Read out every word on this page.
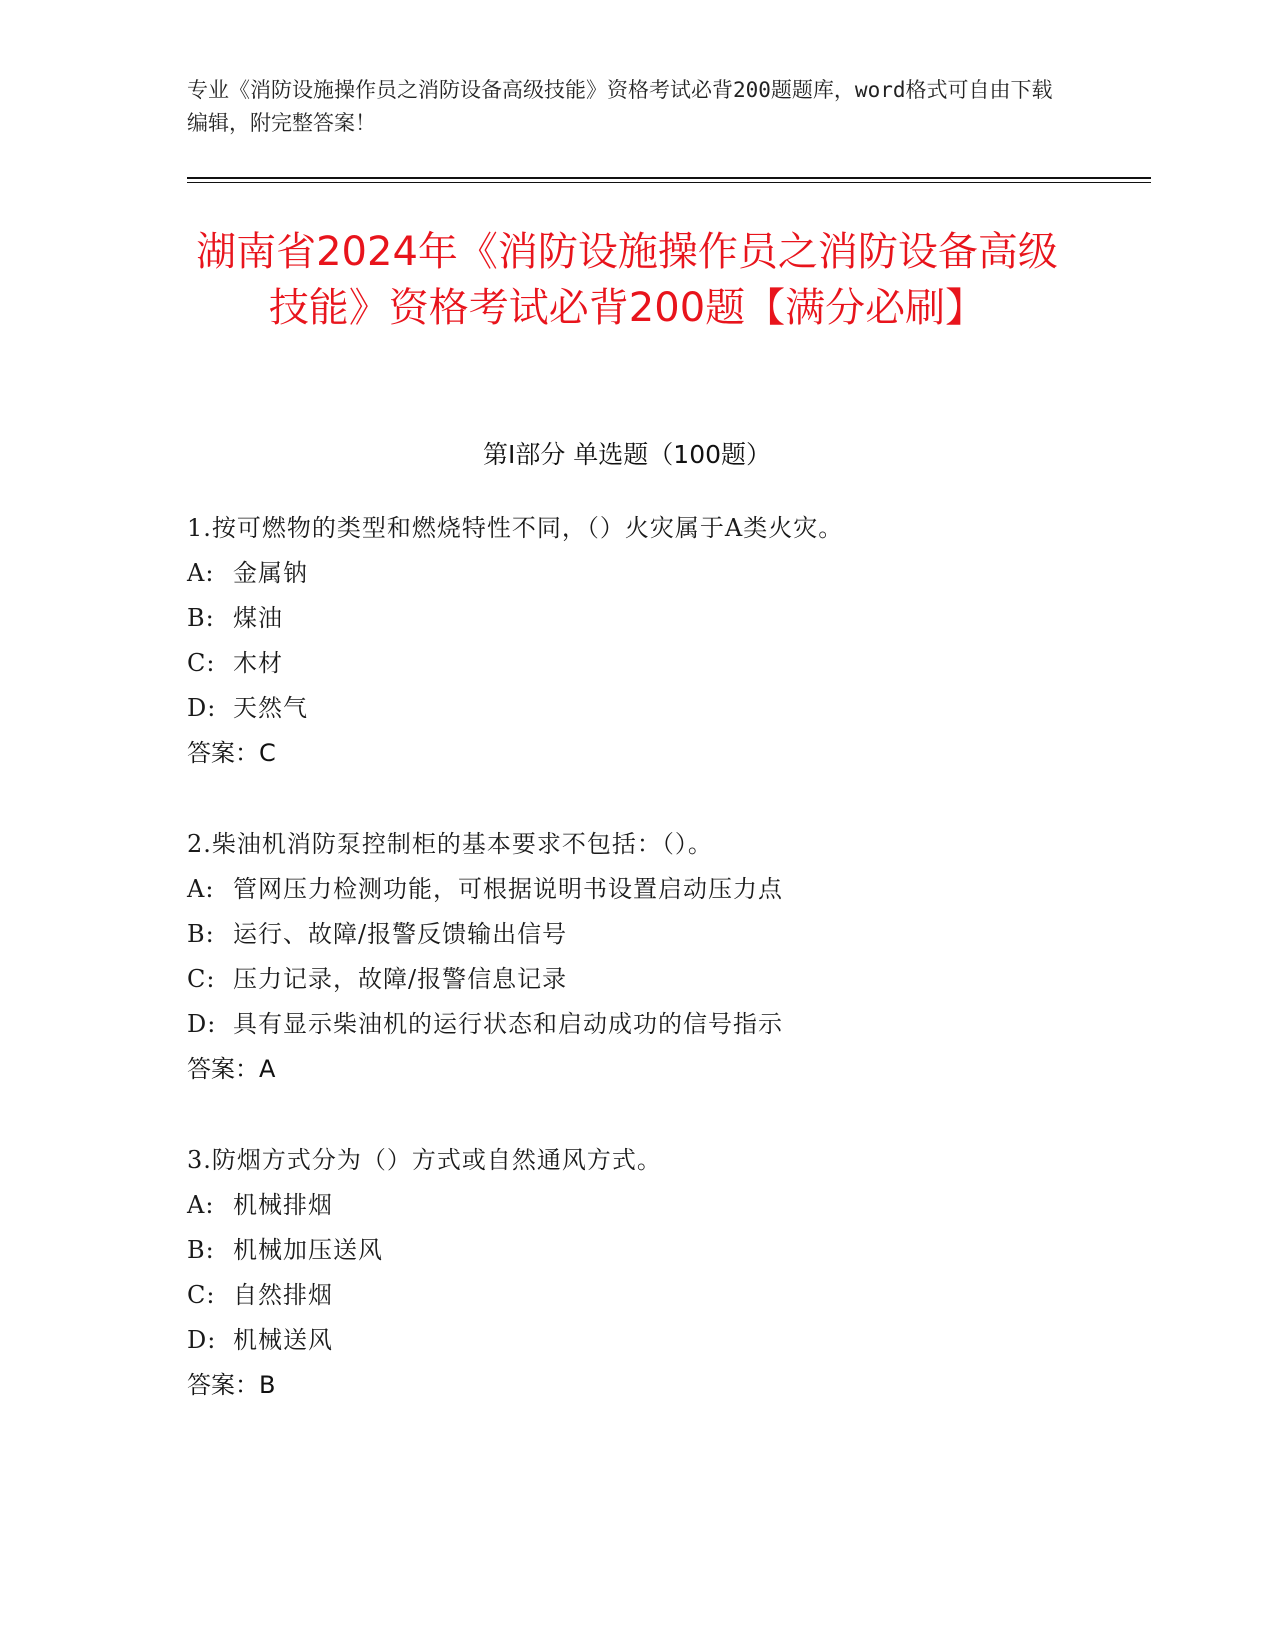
专业《消防设施操作员之消防设备高级技能》资格考试必背200题题库，word格式可自由下载编辑，附完整答案！
湖南省2024年《消防设施操作员之消防设备高级技能》资格考试必背200题【满分必刷】
第I部分 单选题（100题）
1.按可燃物的类型和燃烧特性不同，（）火灾属于A类火灾。
A: 金属钠
B: 煤油
C: 木材
D: 天然气
答案：C
2.柴油机消防泵控制柜的基本要求不包括：（）。
A: 管网压力检测功能，可根据说明书设置启动压力点
B: 运行、故障/报警反馈输出信号
C: 压力记录，故障/报警信息记录
D: 具有显示柴油机的运行状态和启动成功的信号指示
答案：A
3.防烟方式分为（）方式或自然通风方式。
A: 机械排烟
B: 机械加压送风
C: 自然排烟
D: 机械送风
答案：B
